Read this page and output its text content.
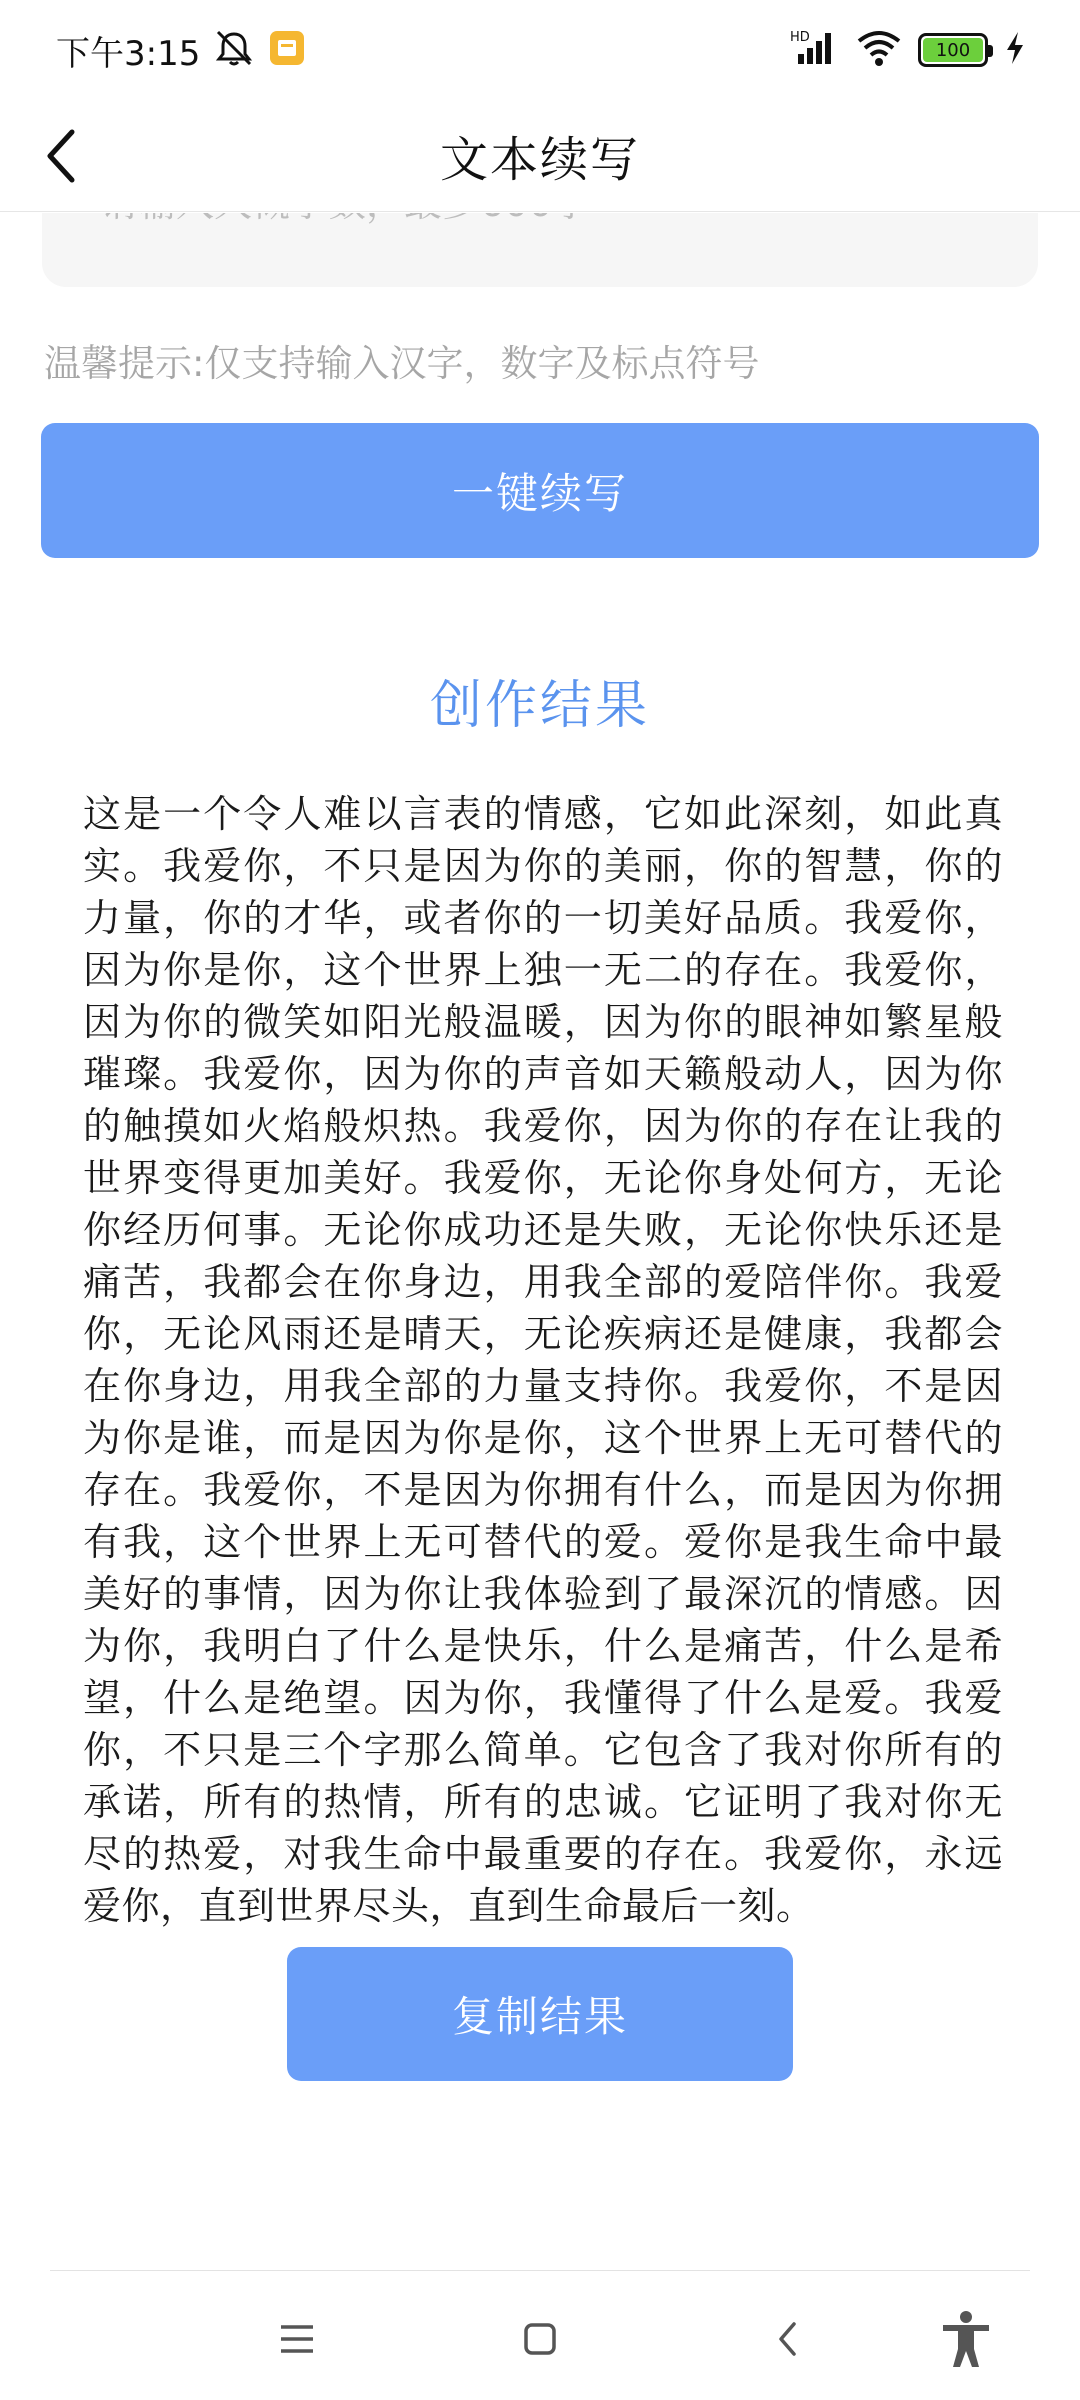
下午3:15	HD
100
文本续写
请输入大概字数，最多600字
温馨提示:仅支持输入汉字，数字及标点符号
一键续写
创作结果
这是一个令人难以言表的情感，它如此深刻，如此真实。我爱你，不只是因为你的美丽，你的智慧，你的力量，你的才华，或者你的一切美好品质。我爱你，因为你是你，这个世界上独一无二的存在。我爱你，因为你的微笑如阳光般温暖，因为你的眼神如繁星般璀璨。我爱你，因为你的声音如天籁般动人，因为你的触摸如火焰般炽热。我爱你，因为你的存在让我的世界变得更加美好。我爱你，无论你身处何方，无论你经历何事。无论你成功还是失败，无论你快乐还是痛苦，我都会在你身边，用我全部的爱陪伴你。我爱你，无论风雨还是晴天，无论疾病还是健康，我都会在你身边，用我全部的力量支持你。我爱你，不是因为你是谁，而是因为你是你，这个世界上无可替代的存在。我爱你，不是因为你拥有什么，而是因为你拥有我，这个世界上无可替代的爱。爱你是我生命中最美好的事情，因为你让我体验到了最深沉的情感。因为你，我明白了什么是快乐，什么是痛苦，什么是希望，什么是绝望。因为你，我懂得了什么是爱。我爱你，不只是三个字那么简单。它包含了我对你所有的承诺，所有的热情，所有的忠诚。它证明了我对你无尽的热爱，对我生命中最重要的存在。我爱你，永远爱你，直到世界尽头，直到生命最后一刻。
复制结果
